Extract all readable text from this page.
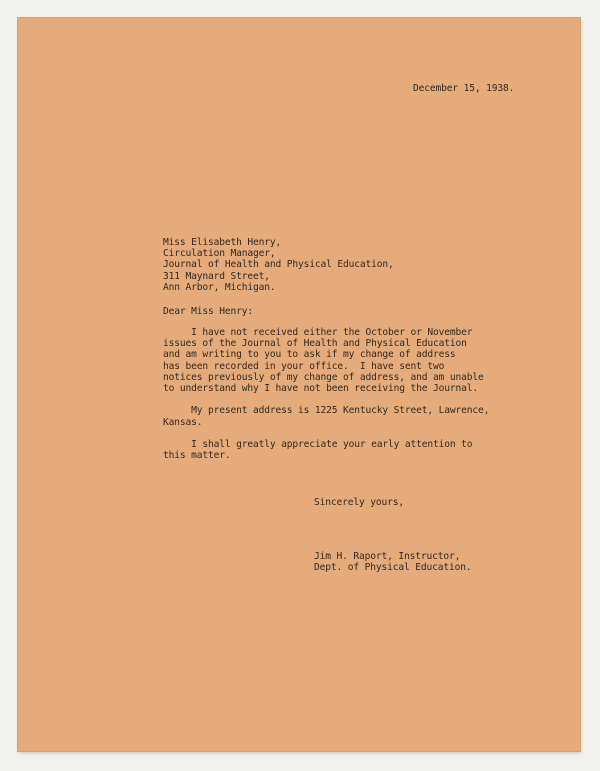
December 15, 1938.
Miss Elisabeth Henry,
Circulation Manager,
Journal of Health and Physical Education,
311 Maynard Street,
Ann Arbor, Michigan.
Dear Miss Henry:
I have not received either the October or November
issues of the Journal of Health and Physical Education
and am writing to you to ask if my change of address
has been recorded in your office.  I have sent two
notices previously of my change of address, and am unable
to understand why I have not been receiving the Journal.
My present address is 1225 Kentucky Street, Lawrence,
Kansas.
I shall greatly appreciate your early attention to
this matter.
Sincerely yours,
Jim H. Raport, Instructor,
Dept. of Physical Education.
